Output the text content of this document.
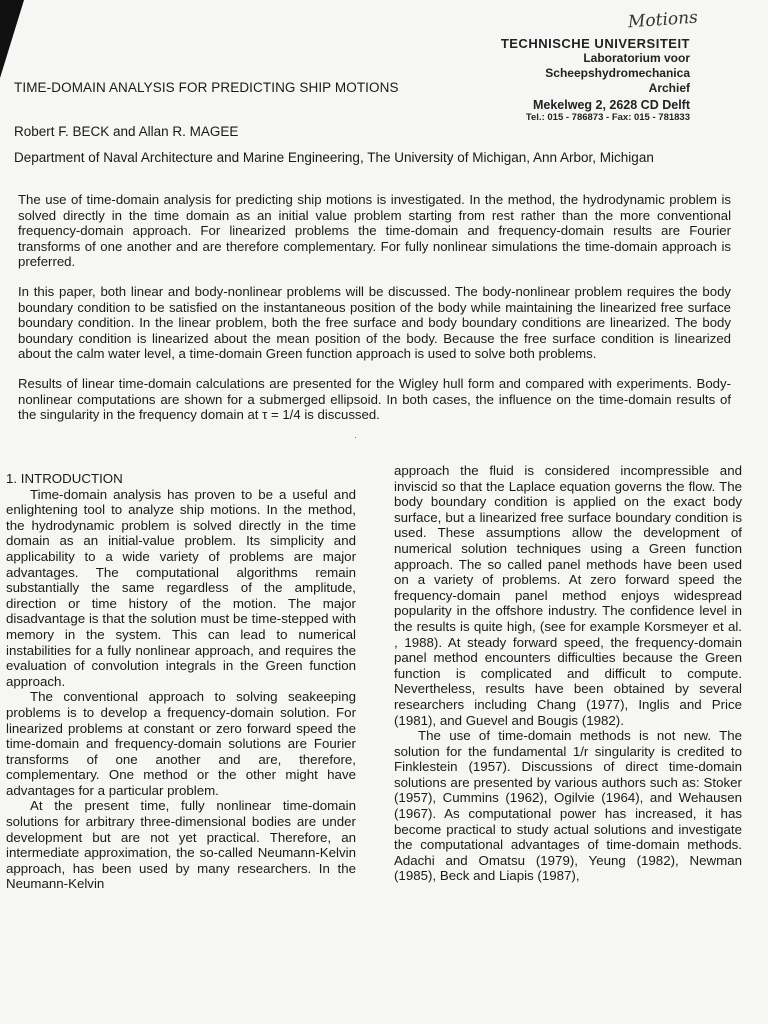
Motions
TECHNISCHE UNIVERSITEIT
Laboratorium voor
Scheepshydromechanica
Archief
Mekelweg 2, 2628 CD Delft
Tel.: 015 - 786873 - Fax: 015 - 781833
TIME-DOMAIN ANALYSIS FOR PREDICTING SHIP MOTIONS
Robert F. BECK and Allan R. MAGEE
Department of Naval Architecture and Marine Engineering, The University of Michigan, Ann Arbor, Michigan

The use of time-domain analysis for predicting ship motions is investigated. In the method, the hydrodynamic problem is solved directly in the time domain as an initial value problem starting from rest rather than the more conventional frequency-domain approach. For linearized problems the time-domain and frequency-domain results are Fourier transforms of one another and are therefore complementary. For fully nonlinear simulations the time-domain approach is preferred.

In this paper, both linear and body-nonlinear problems will be discussed. The body-nonlinear problem requires the body boundary condition to be satisfied on the instantaneous position of the body while maintaining the linearized free surface boundary condition. In the linear problem, both the free surface and body boundary conditions are linearized. The body boundary condition is linearized about the mean position of the body. Because the free surface condition is linearized about the calm water level, a time-domain Green function approach is used to solve both problems.

Results of linear time-domain calculations are presented for the Wigley hull form and compared with experiments. Body-nonlinear computations are shown for a submerged ellipsoid. In both cases, the influence on the time-domain results of the singularity in the frequency domain at τ = 1/4 is discussed.

·

1. INTRODUCTION

Time-domain analysis has proven to be a useful and enlightening tool to analyze ship motions. In the method, the hydrodynamic problem is solved directly in the time domain as an initial-value problem. Its simplicity and applicability to a wide variety of problems are major advantages. The computational algorithms remain substantially the same regardless of the amplitude, direction or time history of the motion. The major disadvantage is that the solution must be time-stepped with memory in the system. This can lead to numerical instabilities for a fully nonlinear approach, and requires the evaluation of convolution integrals in the Green function approach.

The conventional approach to solving seakeeping problems is to develop a frequency-domain solution. For linearized problems at constant or zero forward speed the time-domain and frequency-domain solutions are Fourier transforms of one another and are, therefore, complementary. One method or the other might have advantages for a particular problem.

At the present time, fully nonlinear time-domain solutions for arbitrary three-dimensional bodies are under development but are not yet practical. Therefore, an intermediate approximation, the so-called Neumann-Kelvin approach, has been used by many researchers. In the Neumann-Kelvin

approach the fluid is considered incompressible and inviscid so that the Laplace equation governs the flow. The body boundary condition is applied on the exact body surface, but a linearized free surface boundary condition is used. These assumptions allow the development of numerical solution techniques using a Green function approach. The so called panel methods have been used on a variety of problems. At zero forward speed the frequency-domain panel method enjoys widespread popularity in the offshore industry. The confidence level in the results is quite high, (see for example Korsmeyer et al. , 1988). At steady forward speed, the frequency-domain panel method encounters difficulties because the Green function is complicated and difficult to compute. Nevertheless, results have been obtained by several researchers including Chang (1977), Inglis and Price (1981), and Guevel and Bougis (1982).

The use of time-domain methods is not new. The solution for the fundamental 1/r singularity is credited to Finklestein (1957). Discussions of direct time-domain solutions are presented by various authors such as: Stoker (1957), Cummins (1962), Ogilvie (1964), and Wehausen (1967). As computational power has increased, it has become practical to study actual solutions and investigate the computational advantages of time-domain methods. Adachi and Omatsu (1979), Yeung (1982), Newman (1985), Beck and Liapis (1987),
